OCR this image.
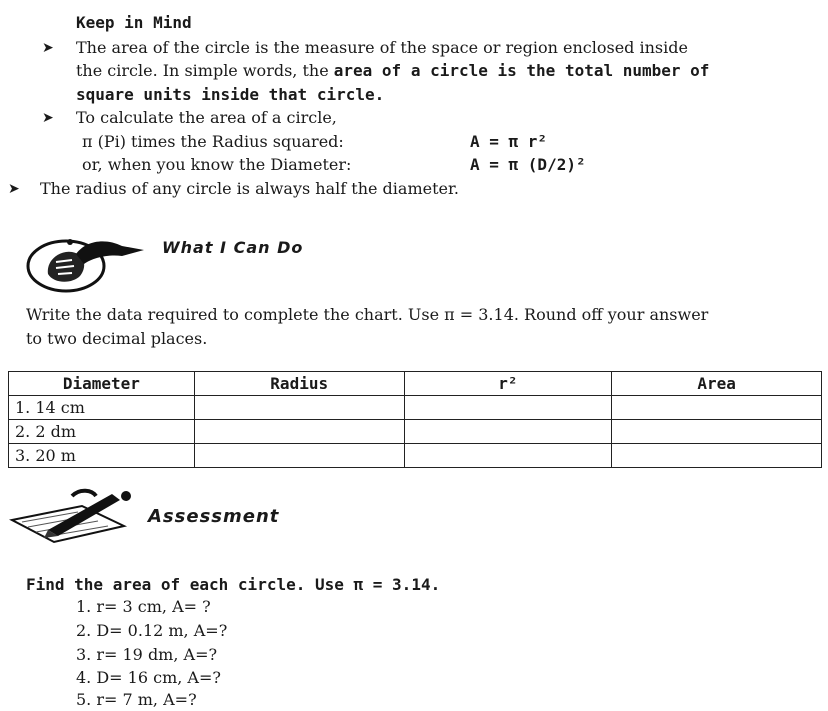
Keep in Mind
➤ The area of the circle is the measure of the space or region enclosed inside
the circle. In simple words, the area of a circle is the total number of
square units inside that circle.
➤ To calculate the area of a circle,
π (Pi) times the Radius squared:	A = π r²
or, when you know the Diameter:	A = π (D/2)²
➤ The radius of any circle is always half the diameter.
What I Can Do
Write the data required to complete the chart. Use π = 3.14. Round off your answer
to two decimal places.
Diameter	Radius	r²	Area
1. 14 cm			
2. 2 dm			
3. 20 m			
Assessment
Find the area of each circle. Use π = 3.14.
1. r= 3 cm, A= ?
2. D= 0.12 m, A=?
3. r= 19 dm, A=?
4. D= 16 cm, A=?
5. r= 7 m, A=?
